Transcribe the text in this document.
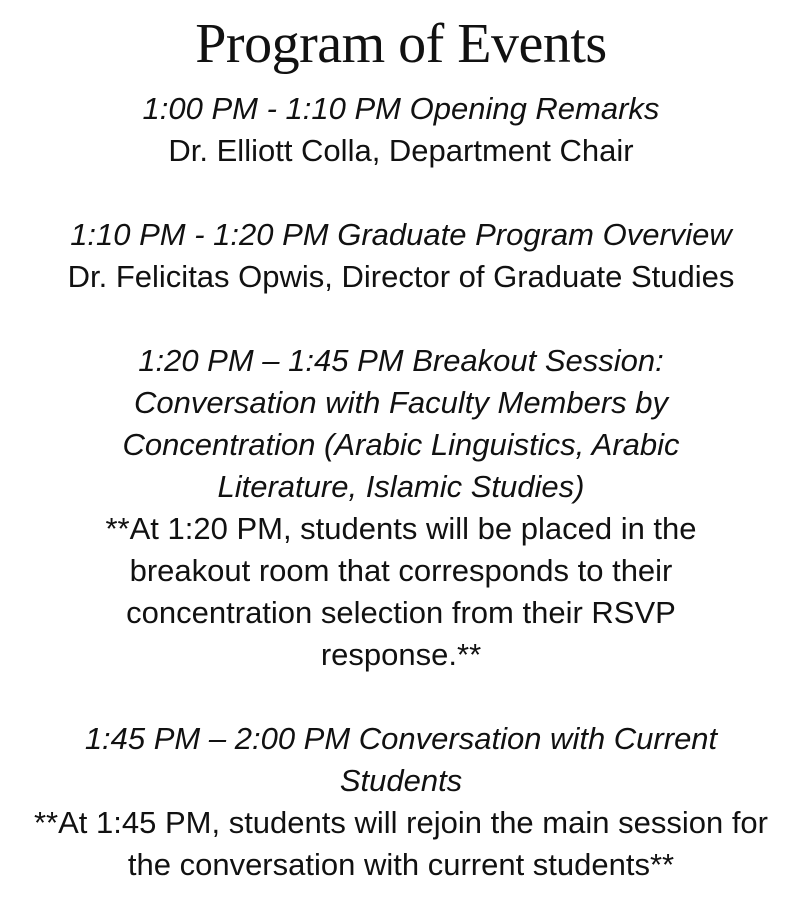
Program of Events

1:00 PM - 1:10 PM Opening Remarks

Dr. Elliott Colla, Department Chair

1:10 PM - 1:20 PM Graduate Program Overview

Dr. Felicitas Opwis, Director of Graduate Studies

1:20 PM – 1:45 PM Breakout Session: Conversation with Faculty Members by Concentration (Arabic Linguistics, Arabic Literature, Islamic Studies)

**At 1:20 PM, students will be placed in the breakout room that corresponds to their concentration selection from their RSVP response.**

1:45 PM – 2:00 PM Conversation with Current Students

**At 1:45 PM, students will rejoin the main session for the conversation with current students**
